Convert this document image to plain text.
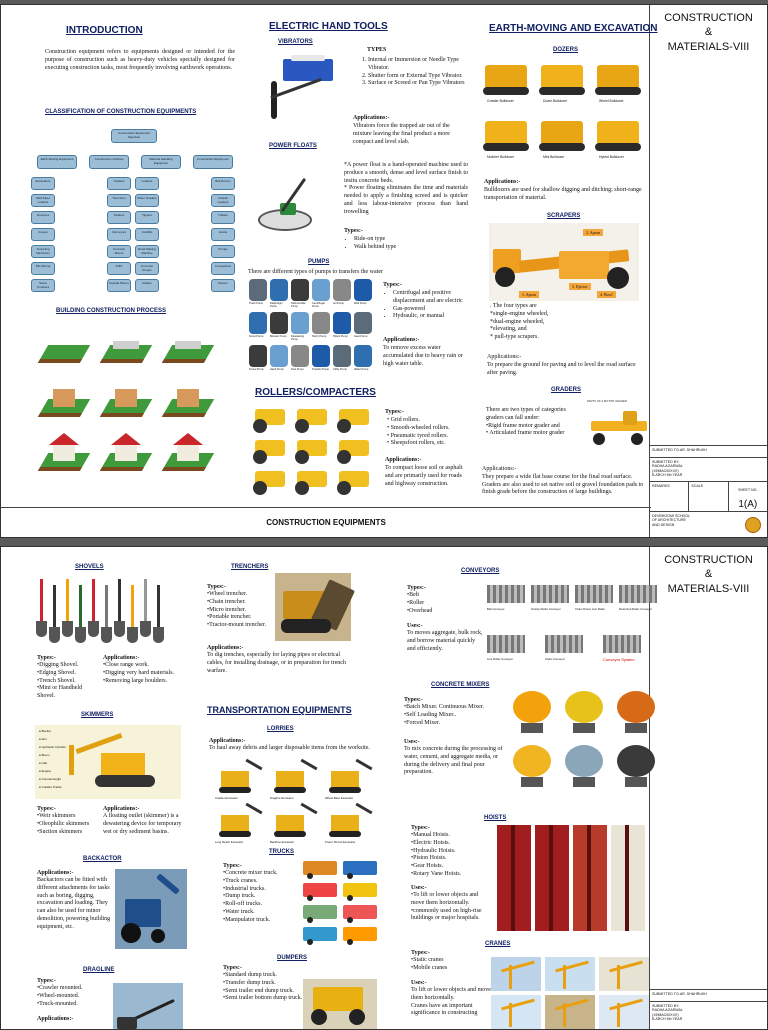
CONSTRUCTION
&
MATERIALS-VIII
SUBMITTED TO-AR. SHAHRUKH
SUBMITTED BY-
RADHA AGARWAL
(1998AC00XXX)
B.ARCH 5th YEAR
REMARKS	SCALE

SHEET NO.

1(A)

DEVBHOOMI SCHOOL
OF ARCHITECTURE
AND DESIGN
CONSTRUCTION EQUIPMENTS
INTRODUCTION
Construction equipment refers to equipments designed or intended for the purpose of construction such as heavy-duty vehicles specially designed for executing construction tasks, most frequently involving earthwork operations.
CLASSIFICATION OF CONSTRUCTION EQUIPMENTS
Construction Equipment Selection
Earth Moving Equipment	Construction Vehicles	Material Handling Equipment
Construction Equipment
Excavators	Graders	Loaders	Bull Dozers
Skid Steer Loaders
Trenchers	Motor Graders	Crawler Loaders
Dumpers	Tankers	Tippers	Trailers
Cranes	Conveyors	Forklifts	Hoists
Tunneling Machinery
Concrete Mixers
Road Making Machine
Pumps
Pile Boring	Drills	Concrete Pumps
Compactors
Stone Crushers
Asphalt Mixers	Rollers	Pavers
BUILDING CONSTRUCTION PROCESS
ELECTRIC HAND TOOLS
VIBRATORS
TYPES
1. Internal or Immersion or Needle Type Vibrator.
2. Shutter form or External Type Vibrator.
3. Surface or Screed or Pan Type Vibrators
Applications:-
Vibrators force the trapped air out of the mixture leaving the final product a more compact and level slab.
POWER FLOATS
*A power float is a hand-operated machine used to produce a smooth, dense and level surface finish to insitu concrete beds.
* Power floating eliminates the time and materials needed to apply a finishing screed and is quicker and less labour-intensive process than hand trowelling
Types:-
• Ride-on type
• Walk behind type
PUMPS
There are different types of pumps to transfers the water
Trash Pump	Diaphragm Pump
Submersible Pump
Centrifugal Pump
Jet Pump	Well Pump
Sump Pump	Booster Pump	Dewatering Pump
Slurry Pump	Piston Pump	Gear Pump
Screw Pump	Hand Pump	Fuel Pump	Transfer Pump	Utility Pump	Water Pump
Types:-
• Centrifugal and positive displacement and are electric
• Gas-powered
• Hydraulic, or manual
Applications:-
To remove excess water accumulated due to heavy rain or high water table.
ROLLERS/COMPACTERS
Types:-
• Grid rollers.
• Smooth-wheeled rollers.
• Pneumatic tyred rollers.
• Sheepsfoot rollers, etc.
Applications:-
To compact loose soil or asphalt and are primarily used for roads and highway construction.
EARTH-MOVING AND EXCAVATION
DOZERS
Crawler Bulldozer	Dozer Bulldozer	Wheel Bulldozer
Mulcher Bulldozer	Mini Bulldozer	Hybrid Bulldozer
Applications:-
Bulldozers are used for shallow digging and ditching; short-range transportation of material.
SCRAPERS
2. Apron
1. Apron
3. Ejector
4. Bowl
. The four types are
*single-engine wheeled,
*dual-engine wheeled,
*elevating, and
* pull-type scrapers.
Applications:-
To prepare the ground for paving and to level the road surface after paving.
GRADERS
There are two types of categories graders can fall under:
•Rigid frame motor grader and
• Articulated frame motor grader
PARTS OF A MOTOR GRADER
Applications:-
They prepare a wide flat base course for the final road surface. Graders are also used to set native soil or gravel foundation pads to finish grade before the construction of large buildings.
CONSTRUCTION
&
MATERIALS-VIII
SUBMITTED TO-AR. SHAHRUKH
SUBMITTED BY-
RADHA AGARWAL
(1998AC00XXX)
B.ARCH 5th YEAR
SHOVELS
Types:-
•Digging Shovel.
•Edging Shovel.
•Trench Shovel.
•Mini or Handheld Shovel.
Applications:-
•Close range work.
•Digging very hard materials.
•Removing large boulders.
SKIMMERS
● Bucket
● Arm
● Hydraulic Cylinder
● Boom
● Cab
● Engine
● Counterweight
● Crawler Tracks
Types:-
•Weir skimmers
•Oleophilic skimmers
•Suction skimmers
Applications:-
A floating outlet (skimmer) is a dewatering device for temporary wet or dry sediment basins.
BACKACTOR
Applications:-
Backactors can be fitted with different attachments for tasks such as boring, digging, excavation and loading. They can also be used for minor demolition, powering building equipment, etc.
DRAGLINE
Types:-
•Crawler mounted.
•Wheel-mounted.
•Truck-mounted.
Applications:-
TRENCHERS
Types:-
•Wheel trencher.
•Chain trencher.
•Micro trencher.
•Portable trencher.
•Tractor-mount trencher.
Applications:-
To dig trenches, especially for laying pipes or electrical cables, for installing drainage, or in preparation for trench warfare.
TRANSPORTATION EQUIPMENTS
LORRIES
Applications:-
To haul away debris and larger disposable items from the worksite.
Crawler Excavator	Dragline Excavator	Wheel Base Excavator
Long Reach Excavator	Backhoe Excavator	Power Shovel Excavator
TRUCKS
Types:-
•Concrete mixer truck.
•Truck cranes.
•Industrial trucks.
•Dump truck.
•Roll-off trucks.
•Water truck.
•Manipulator truck.
DUMPERS
Types:-
•Standard dump truck.
•Transfer dump truck.
•Semi trailer end dump truck.
•Semi trailer bottom dump truck.
CONVEYORS
Types:-
•Belt
•Roller
•Overhead
Uses:-
To moves aggregate, bulk rock, and borrow material quickly and efficiently.
Belt Conveyor	Gravity Roller Conveyor	Chain Driven Live Roller	Motorized Roller Conveyor
Line Roller Conveyor	Chain Conveyor	Conveyor System
CONCRETE MIXERS
Types:-
•Batch Mixer. Continuous Mixer.
•Self Loading Mixer..
•Forced Mixer.
Uses:-
To mix concrete during the processing of water, cement, and aggregate media, or during the delivery and final pour preparation.
HOISTS
Types:-
•Manual Hoists.
•Electric Hoists.
•Hydraulic Hoists.
•Piston Hoists.
•Gear Hoists.
•Rotary Vane Hoists.
Uses:-
•To lift or lower objects and move them horizontally. •commonly used on high-rise buildings or major hospitals.
CRANES
Types:-
•Static cranes
•Mobile cranes
Uses:-
To lift or lower objects and move them horizontally.
Cranes have an important significance in constructing
